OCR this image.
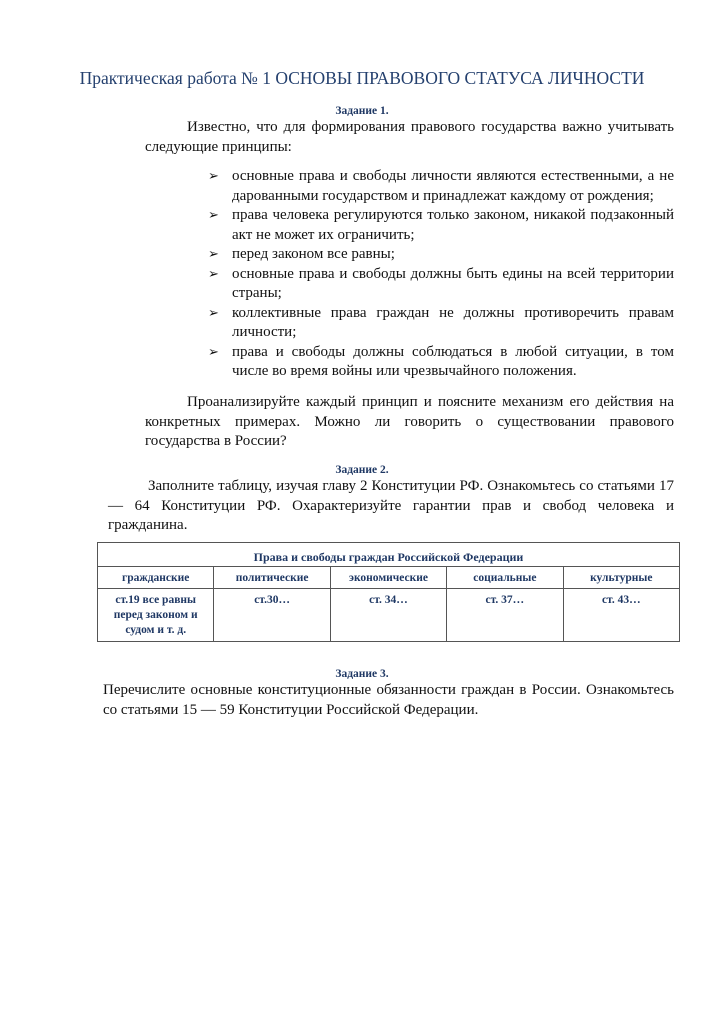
Практическая работа № 1 ОСНОВЫ ПРАВОВОГО СТАТУСА ЛИЧНОСТИ
Задание 1.
Известно, что для формирования правового государства важно учитывать следующие принципы:
➢ основные права и свободы личности являются естественными, а не дарованными государством и принадлежат каждому от рождения;
➢ права человека регулируются только законом, никакой подзаконный акт не может их ограничить;
➢ перед законом все равны;
➢ основные права и свободы должны быть едины на всей территории страны;
➢ коллективные права граждан не должны противоречить правам личности;
➢ права и свободы должны соблюдаться в любой ситуации, в том числе во время войны или чрезвычайного положения.
Проанализируйте каждый принцип и поясните механизм его действия на конкретных примерах. Можно ли говорить о существовании правового государства в России?
Задание 2.
Заполните таблицу, изучая главу 2 Конституции РФ. Ознакомьтесь со статьями 17 — 64 Конституции РФ. Охарактеризуйте гарантии прав и свобод человека и гражданина.
Права и свободы граждан Российской Федерации				
гражданские	политические	экономические	социальные	культурные
ст.19 все равны перед законом и судом и т. д.	ст.30…	ст. 34…	ст. 37…	ст. 43…
Задание 3.
Перечислите основные конституционные обязанности граждан в России. Ознакомьтесь со статьями 15 — 59 Конституции Российской Федерации.
